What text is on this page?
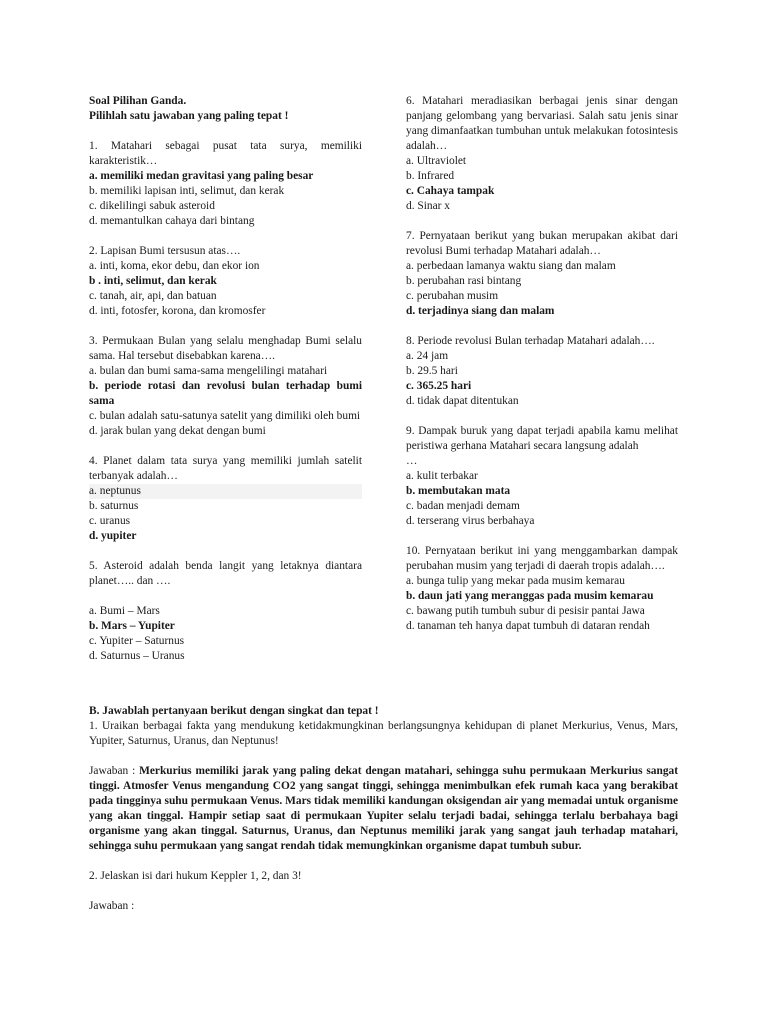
Soal Pilihan Ganda.
Pilihlah satu jawaban yang paling tepat !
1. Matahari sebagai pusat tata surya, memiliki karakteristik…
a. memiliki medan gravitasi yang paling besar
b. memiliki lapisan inti, selimut, dan kerak
c. dikelilingi sabuk asteroid
d. memantulkan cahaya dari bintang
2. Lapisan Bumi tersusun atas….
a. inti, koma, ekor debu, dan ekor ion
b . inti, selimut, dan kerak
c. tanah, air, api, dan batuan
d. inti, fotosfer, korona, dan kromosfer
3. Permukaan Bulan yang selalu menghadap Bumi selalu sama. Hal tersebut disebabkan karena….
a. bulan dan bumi sama-sama mengelilingi matahari
b. periode rotasi dan revolusi bulan terhadap bumi sama
c. bulan adalah satu-satunya satelit yang dimiliki oleh bumi
d. jarak bulan yang dekat dengan bumi
4. Planet dalam tata surya yang memiliki jumlah satelit terbanyak adalah…
a. neptunus
b. saturnus
c. uranus
d. yupiter
5. Asteroid adalah benda langit yang letaknya diantara planet….. dan ….
a. Bumi – Mars
b. Mars – Yupiter
c. Yupiter – Saturnus
d. Saturnus – Uranus
6. Matahari meradiasikan berbagai jenis sinar dengan panjang gelombang yang bervariasi. Salah satu jenis sinar yang dimanfaatkan tumbuhan untuk melakukan fotosintesis adalah…
a. Ultraviolet
b. Infrared
c. Cahaya tampak
d. Sinar x
7. Pernyataan berikut yang bukan merupakan akibat dari revolusi Bumi terhadap Matahari adalah…
a. perbedaan lamanya waktu siang dan malam
b. perubahan rasi bintang
c. perubahan musim
d. terjadinya siang dan malam
8. Periode revolusi Bulan terhadap Matahari adalah….
a. 24 jam
b. 29.5 hari
c. 365.25 hari
d. tidak dapat ditentukan
9. Dampak buruk yang dapat terjadi apabila kamu melihat peristiwa gerhana Matahari secara langsung adalah
…
a. kulit terbakar
b. membutakan mata
c. badan menjadi demam
d. terserang virus berbahaya
10. Pernyataan berikut ini yang menggambarkan dampak perubahan musim yang terjadi di daerah tropis adalah….
a. bunga tulip yang mekar pada musim kemarau
b. daun jati yang meranggas pada musim kemarau
c. bawang putih tumbuh subur di pesisir pantai Jawa
d. tanaman teh hanya dapat tumbuh di dataran rendah
B. Jawablah pertanyaan berikut dengan singkat dan tepat !
1. Uraikan berbagai fakta yang mendukung ketidakmungkinan berlangsungnya kehidupan di planet Merkurius, Venus, Mars, Yupiter, Saturnus, Uranus, dan Neptunus!
Jawaban : Merkurius memiliki jarak yang paling dekat dengan matahari, sehingga suhu permukaan Merkurius sangat tinggi. Atmosfer Venus mengandung CO2 yang sangat tinggi, sehingga menimbulkan efek rumah kaca yang berakibat pada tingginya suhu permukaan Venus. Mars tidak memiliki kandungan oksigendan air yang memadai untuk organisme yang akan tinggal. Hampir setiap saat di permukaan Yupiter selalu terjadi badai, sehingga terlalu berbahaya bagi organisme yang akan tinggal. Saturnus, Uranus, dan Neptunus memiliki jarak yang sangat jauh terhadap matahari, sehingga suhu permukaan yang sangat rendah tidak memungkinkan organisme dapat tumbuh subur.
2. Jelaskan isi dari hukum Keppler 1, 2, dan 3!
Jawaban :
